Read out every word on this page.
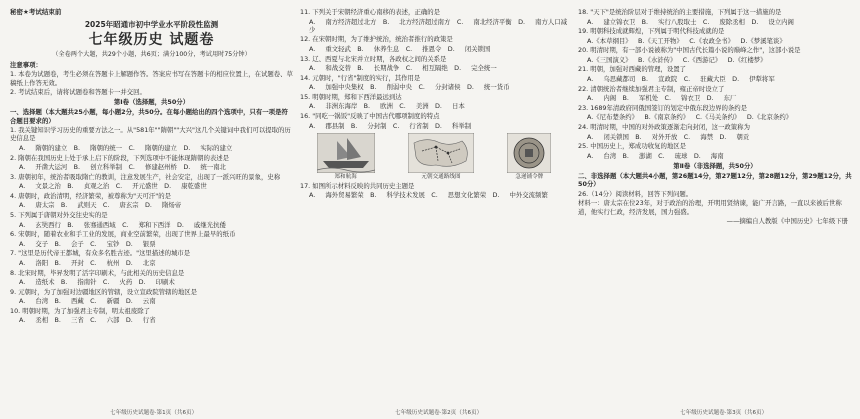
秘密★考试结束前
2025年昭通市初中学业水平阶段性监测
七年级历史 试题卷
（全卷两个大题，共29个小题，共6页；满分100分，考试用时75分钟）

注意事项：

1. 本卷为试题卷，考生必须在答题卡上解题作答。答案应书写在答题卡的相应位置上，在试题卷、草稿纸上作答无效。

2. 考试结束后，请将试题卷和答题卡一并交回。

第Ⅰ卷（选择题，共50分）

一、选择题（本大题共25小题，每小题2分，共50分。在每小题给出的四个选项中，只有一项是符合题目要求的）

1. 我关键知识学习历史的重要方法之一。从"581年""隋朝""大兴"这几个关键词中我们可以提取的历史信息是

A. 隋朝的建立  B. 隋朝的统一  C. 隋朝的建立  D. 实际的建立

2. 隋朝在我国历史上处于承上启下的阶段，下列选项中不能体现隋朝的表述是

A. 开凿大运河  B. 创立科举制  C. 修建赵州桥  D. 统一南北

3. 唐朝初年，统治者吸取隋亡的教训，注意发展生产，社会安定，出现了一派兴旺的景象，史称

A. 文景之治  B. 贞观之治  C. 开元盛世  D. 康乾盛世

4. 唐朝时，政治清明，经济繁荣，被尊称为"天可汗"的是

A. 唐太宗  B. 武则天  C. 唐玄宗  D. 隋炀帝

5. 下列属于唐朝对外交往史实的是

A. 玄奘西行  B. 张骞通西域  C. 郑和下西洋  D. 戚继光抗倭

6. 宋朝时，随着农业和手工业的发展，商业空前繁荣，出现了世界上最早的纸币

A. 交子  B. 会子  C. 宝钞  D. 银票

7. "这里是历代帝王都城，有众多名胜古迹。"这里描述的城市是

A. 洛阳  B. 开封  C. 杭州  D. 北京

8. 北宋时期，毕昇发明了活字印刷术，与此相关的历史信息是

A. 造纸术  B. 指南针  C. 火药  D. 印刷术

9. 元朝时，为了加强对边疆地区的管辖，设立宣政院管辖的地区是

A. 台湾  B. 西藏  C. 新疆  D. 云南

10. 明朝时期，为了加强君主专制，明太祖废除了

A. 丞相  B. 三省  C. 六部  D. 行省

11. 下列关于宋朝经济重心南移的表述，正确的是

A. 南方经济超过北方  B. 北方经济超过南方  C. 南北经济平衡  D. 南方人口减少

12. 在宋朝时期，为了维护统治，统治者推行的政策是

A. 重文轻武  B. 休养生息  C. 推恩令  D. 闭关锁国

13. 辽、西夏与北宋并立时期，各政权之间的关系是

A. 和战交替  B. 长期战争  C. 相互隔绝  D. 完全统一

14. 元朝时，"行省"制度的实行，其作用是

A. 加强中央集权  B. 削弱中央  C. 分封诸侯  D. 统一货币

15. 明朝时期，郑和下西洋最远到达

A. 非洲东海岸  B. 欧洲  C. 美洲  D. 日本

16. "同吃一锅饭"反映了中国古代哪项制度的特点

A. 郡县制  B. 分封制  C. 行省制  D. 科举制

郑和航海	元朝交通路线图	急递铺令牌

17. 如图所示材料反映的共同历史主题是

A. 海外贸易繁荣  B. 科学技术发展  C. 思想文化繁荣  D. 中外交流频繁

18. "天下"是统治阶层对于维持统治的主要措施，下列属于这一措施的是

A. 建立锦衣卫  B. 实行八股取士  C. 废除丞相  D. 设立内阁

19. 明朝科技成就辉煌，下列属于明代科技成就的是

A.《本草纲目》  B.《天工开物》  C.《农政全书》  D.《梦溪笔谈》

20. 明清时期，有一部小说被称为"中国古代长篇小说的巅峰之作"，这部小说是

A.《三国演义》  B.《水浒传》  C.《西游记》  D.《红楼梦》

21. 明朝，加强对西藏的管理，设置了

A. 乌思藏都司  B. 宣政院  C. 驻藏大臣  D. 伊犁将军

22. 清朝统治者继续加强君主专制，雍正帝时设立了

A. 内阁  B. 军机处  C. 锦衣卫  D. 东厂

23. 1689年清政府同俄国签订的划定中俄东段边界的条约是

A.《尼布楚条约》  B.《南京条约》  C.《马关条约》  D.《北京条约》

24. 明清时期，中国的对外政策逐渐走向封闭，这一政策称为

A. 闭关锁国  B. 对外开放  C. 海禁  D. 朝贡

25. 中国历史上，郑成功收复的地区是

A. 台湾  B. 澎湖  C. 琉球  D. 海南

第Ⅱ卷（非选择题，共50分）

二、非选择题（本大题共4小题，第26题14分，第27题12分，第28题12分，第29题12分，共50分）

26.（14分）阅读材料，回答下列问题。

材料一：唐太宗在位23年，对于政治的治理，开明用贤纳谏，能广开言路，一直以来被后世称道，他实行仁政，经济发展，国力强盛。

——摘编自人教版《中国历史》七年级下册

七年级历史试题卷·第1页（共6页）	七年级历史试题卷·第2页（共6页）	七年级历史试题卷·第3页（共6页）
